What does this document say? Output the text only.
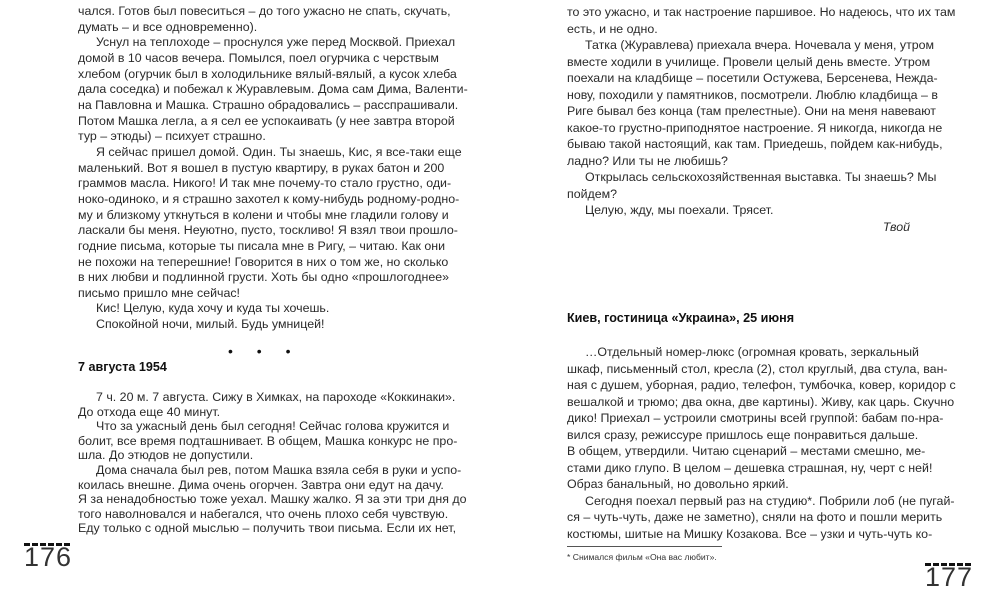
чался. Готов был повеситься – до того ужасно не спать, скучать,
думать – и все одновременно).
Уснул на теплоходе – проснулся уже перед Москвой. Приехал
домой в 10 часов вечера. Помылся, поел огурчика с черствым
хлебом (огурчик был в холодильнике вялый-вялый, а кусок хлеба
дала соседка) и побежал к Журавлевым. Дома сам Дима, Валенти-
на Павловна и Машка. Страшно обрадовались – расспрашивали.
Потом Машка легла, а я сел ее успокаивать (у нее завтра второй
тур – этюды) – психует страшно.
Я сейчас пришел домой. Один. Ты знаешь, Кис, я все-таки еще
маленький. Вот я вошел в пустую квартиру, в руках батон и 200
граммов масла. Никого! И так мне почему-то стало грустно, оди-
ноко-одиноко, и я страшно захотел к кому-нибудь родному-родно-
му и близкому уткнуться в колени и чтобы мне гладили голову и
ласкали бы меня. Неуютно, пусто, тоскливо! Я взял твои прошло-
годние письма, которые ты писала мне в Ригу, – читаю. Как они
не похожи на теперешние! Говорится в них о том же, но сколько
в них любви и подлинной грусти. Хоть бы одно «прошлогоднее»
письмо пришло мне сейчас!
Кис! Целую, куда хочу и куда ты хочешь.
Спокойной ночи, милый. Будь умницей!
• • •
7 августа 1954
7 ч. 20 м. 7 августа. Сижу в Химках, на пароходе «Коккинаки».
До отхода еще 40 минут.
Что за ужасный день был сегодня! Сейчас голова кружится и
болит, все время подташнивает. В общем, Машка конкурс не про-
шла. До этюдов не допустили.
Дома сначала был рев, потом Машка взяла себя в руки и успо-
коилась внешне. Дима очень огорчен. Завтра они едут на дачу.
Я за ненадобностью тоже уехал. Машку жалко. Я за эти три дня до
того наволновался и набегался, что очень плохо себя чувствую.
Еду только с одной мыслью – получить твои письма. Если их нет,
176
то это ужасно, и так настроение паршивое. Но надеюсь, что их там
есть, и не одно.
Татка (Журавлева) приехала вчера. Ночевала у меня, утром
вместе ходили в училище. Провели целый день вместе. Утром
поехали на кладбище – посетили Остужева, Берсенева, Нежда-
нову, походили у памятников, посмотрели. Люблю кладбища – в
Риге бывал без конца (там прелестные). Они на меня навевают
какое-то грустно-приподнятое настроение. Я никогда, никогда не
бываю такой настоящий, как там. Приедешь, пойдем как-нибудь,
ладно? Или ты не любишь?
Открылась сельскохозяйственная выставка. Ты знаешь? Мы
пойдем?
Целую, жду, мы поехали. Трясет.
Твой
Киев, гостиница «Украина», 25 июня
…Отдельный номер-люкс (огромная кровать, зеркальный
шкаф, письменный стол, кресла (2), стол круглый, два стула, ван-
ная с душем, уборная, радио, телефон, тумбочка, ковер, коридор с
вешалкой и трюмо; два окна, две картины). Живу, как царь. Скучно
дико! Приехал – устроили смотрины всей группой: бабам по-нра-
вился сразу, режиссуре пришлось еще понравиться дальше.
В общем, утвердили. Читаю сценарий – местами смешно, ме-
стами дико глупо. В целом – дешевка страшная, ну, черт с ней!
Образ банальный, но довольно яркий.
Сегодня поехал первый раз на студию*. Побрили лоб (не пугай-
ся – чуть-чуть, даже не заметно), сняли на фото и пошли мерить
костюмы, шитые на Мишку Козакова. Все – узки и чуть-чуть ко-
* Снимался фильм «Она вас любит».
177
